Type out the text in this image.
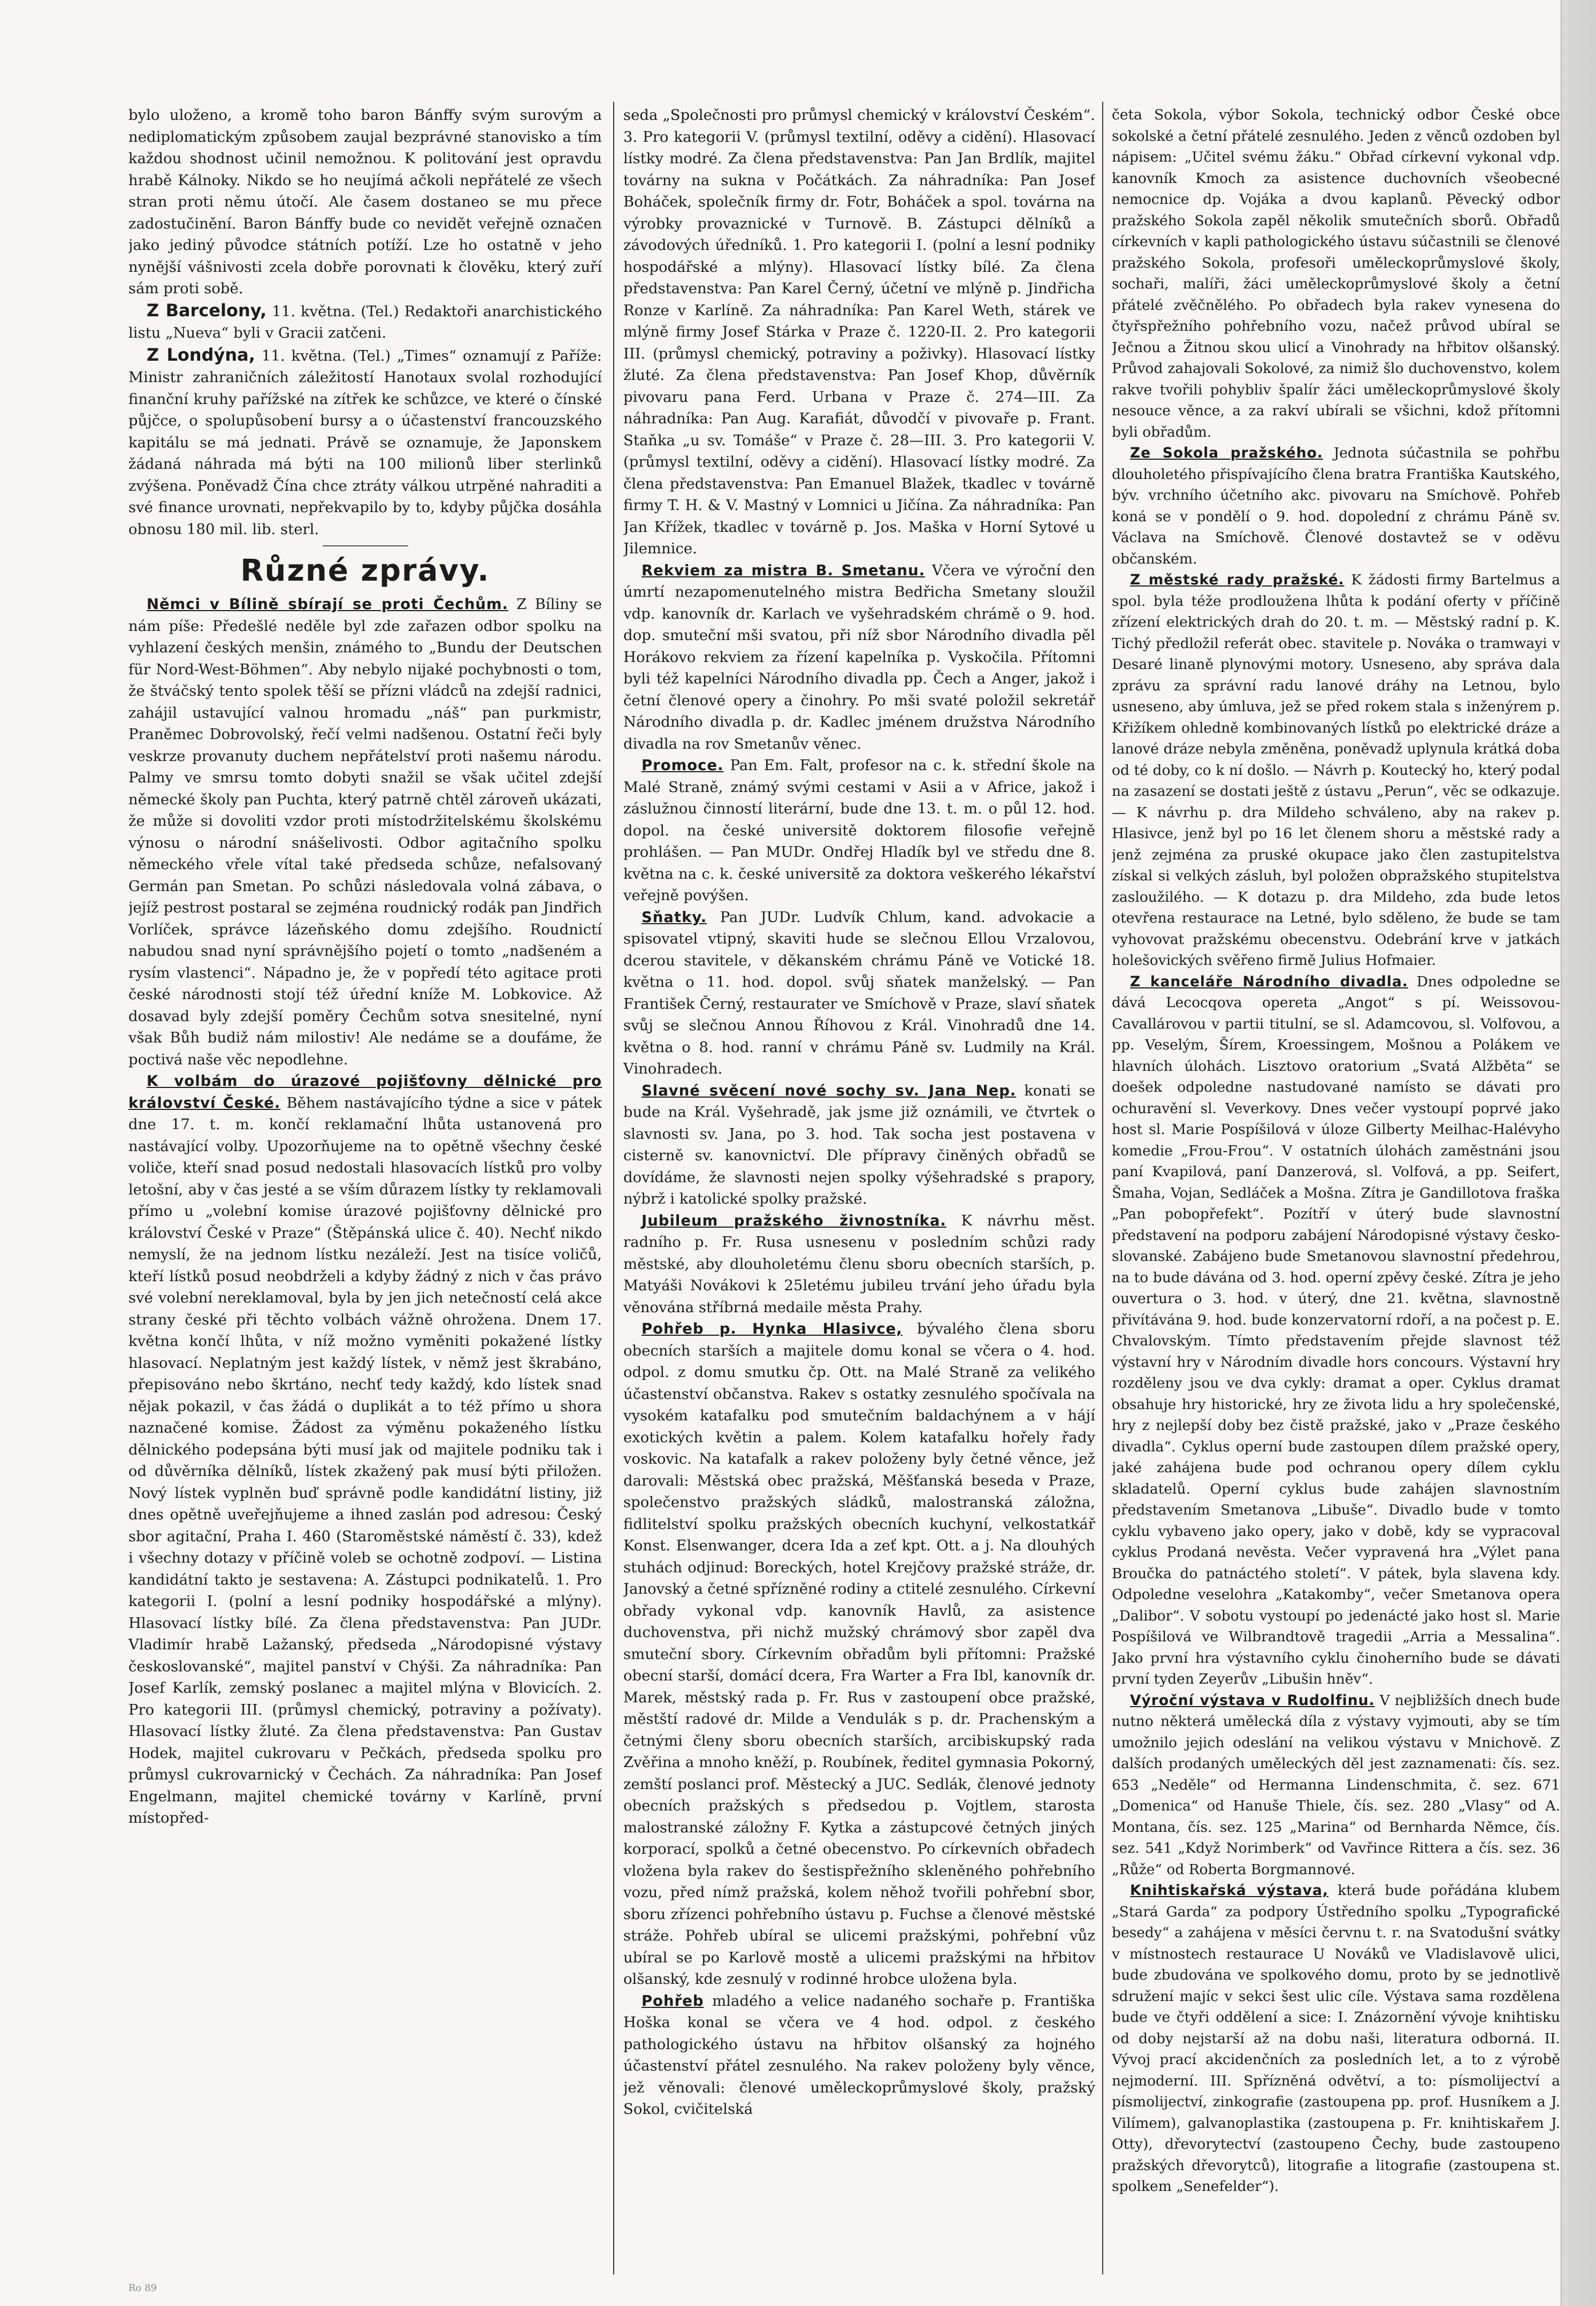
bylo uloženo, a kromě toho baron Bánffy svým surovým a nediplomatickým způsobem zaujal bezprávné stanovisko a tím každou shodnost učinil nemožnou. K politování jest opravdu hrabě Kálnoky. Nikdo se ho neujímá ačkoli nepřátelé ze všech stran proti němu útočí. Ale časem dostaneo se mu přece zadostučinění. Baron Bánffy bude co nevidět veřejně označen jako jediný původce státních potíží. Lze ho ostatně v jeho nynější vášnivosti zcela dobře porovnati k člověku, který zuří sám proti sobě.

Z Barcelony, 11. května. (Tel.) Redaktoři anarchistického listu „Nueva“ byli v Gracii zatčeni.

Z Londýna, 11. května. (Tel.) „Times“ oznamují z Paříže: Ministr zahraničních záležitostí Hanotaux svolal rozhodující finanční kruhy pařížské na zítřek ke schůzce, ve které o čínské půjčce, o spolupůsobení bursy a o účastenství francouzského kapitálu se má jednati. Právě se oznamuje, že Japonskem žádaná náhrada má býti na 100 milionů liber sterlinků zvýšena. Poněvadž Čína chce ztráty válkou utrpěné nahraditi a své finance urovnati, nepřekvapilo by to, kdyby půjčka dosáhla obnosu 180 mil. lib. sterl.

Různé zprávy.

Němci v Bílině sbírají se proti Čechům. Z Bíliny se nám píše: Předešlé neděle byl zde zařazen odbor spolku na vyhlazení českých menšin, známého to „Bundu der Deutschen für Nord-West-Böhmen“. Aby nebylo nijaké pochybnosti o tom, že štváčský tento spolek těší se přízni vládců na zdejší radnici, zahájil ustavující valnou hromadu „náš“ pan purkmistr, Praněmec Dobrovolský, řečí velmi nadšenou. Ostatní řeči byly veskrze provanuty duchem nepřátelství proti našemu národu. Palmy ve smrsu tomto dobyti snažil se však učitel zdejší německé školy pan Puchta, který patrně chtěl zároveň ukázati, že může si dovoliti vzdor proti místodržitelskému školskému výnosu o národní snášelivosti. Odbor agitačního spolku německého vřele vítal také předseda schůze, nefalsovaný Germán pan Smetan. Po schůzi následovala volná zábava, o jejíž pestrost postaral se zejména roudnický rodák pan Jindřich Vorlíček, správce lázeňského domu zdejšího. Roudnictí nabudou snad nyní správnějšího pojetí o tomto „nadšeném a rysím vlastenci“. Nápadno je, že v popředí této agitace proti české národnosti stojí též úřední kníže M. Lobkovice. Až dosavad byly zdejší poměry Čechům sotva snesitelné, nyní však Bůh budiž nám milostiv! Ale nedáme se a doufáme, že poctivá naše věc nepodlehne.

K volbám do úrazové pojišťovny dělnické pro království České. Během nastávajícího týdne a sice v pátek dne 17. t. m. končí reklamační lhůta ustanovená pro nastávající volby. Upozorňujeme na to opětně všechny české voliče, kteří snad posud nedostali hlasovacích lístků pro volby letošní, aby v čas jesté a se vším důrazem lístky ty reklamovali přímo u „volební komise úrazové pojišťovny dělnické pro království České v Praze“ (Štěpánská ulice č. 40). Nechť nikdo nemyslí, že na jednom lístku nezáleží. Jest na tisíce voličů, kteří lístků posud neobdrželi a kdyby žádný z nich v čas právo své volební nereklamoval, byla by jen jich netečností celá akce strany české při těchto volbách vážně ohrožena. Dnem 17. května končí lhůta, v níž možno vyměniti pokažené lístky hlasovací. Neplatným jest každý lístek, v němž jest škrabáno, přepisováno nebo škrtáno, nechť tedy každý, kdo lístek snad nějak pokazil, v čas žádá o duplikát a to též přímo u shora naznačené komise. Žádost za výměnu pokaženého lístku dělnického podepsána býti musí jak od majitele podniku tak i od důvěrníka dělníků, lístek zkažený pak musí býti přiložen. Nový lístek vyplněn buď správně podle kandidátní listiny, již dnes opětně uveřejňujeme a ihned zaslán pod adresou: Český sbor agitační, Praha I. 460 (Staroměstské náměstí č. 33), kdež i všechny dotazy v příčině voleb se ochotně zodpoví. — Listina kandidátní takto je sestavena: A. Zástupci podnikatelů. 1. Pro kategorii I. (polní a lesní podniky hospodářské a mlýny). Hlasovací lístky bílé. Za člena představenstva: Pan JUDr. Vladimír hrabě Lažanský, předseda „Národopisné výstavy českoslovanské“, majitel panství v Chýši. Za náhradníka: Pan Josef Karlík, zemský poslanec a majitel mlýna v Blovicích. 2. Pro kategorii III. (průmysl chemický, potraviny a požívaty). Hlasovací lístky žluté. Za člena představenstva: Pan Gustav Hodek, majitel cukrovaru v Pečkách, předseda spolku pro průmysl cukrovarnický v Čechách. Za náhradníka: Pan Josef Engelmann, majitel chemické továrny v Karlíně, první místopřed-

seda „Společnosti pro průmysl chemický v království Českém“. 3. Pro kategorii V. (průmysl textilní, oděvy a cidění). Hlasovací lístky modré. Za člena představenstva: Pan Jan Brdlík, majitel továrny na sukna v Počátkách. Za náhradníka: Pan Josef Boháček, společník firmy dr. Fotr, Boháček a spol. továrna na výrobky provaznické v Turnově. B. Zástupci dělníků a závodových úředníků. 1. Pro kategorii I. (polní a lesní podniky hospodářské a mlýny). Hlasovací lístky bílé. Za člena představenstva: Pan Karel Černý, účetní ve mlýně p. Jindřicha Ronze v Karlíně. Za náhradníka: Pan Karel Weth, stárek ve mlýně firmy Josef Stárka v Praze č. 1220-II. 2. Pro kategorii III. (průmysl chemický, potraviny a poživky). Hlasovací lístky žluté. Za člena představenstva: Pan Josef Khop, důvěrník pivovaru pana Ferd. Urbana v Praze č. 274—III. Za náhradníka: Pan Aug. Karafiát, důvodčí v pivovaře p. Frant. Staňka „u sv. Tomáše“ v Praze č. 28—III. 3. Pro kategorii V. (průmysl textilní, oděvy a cidění). Hlasovací lístky modré. Za člena představenstva: Pan Emanuel Blažek, tkadlec v továrně firmy T. H. & V. Mastný v Lomnici u Jičína. Za náhradníka: Pan Jan Křížek, tkadlec v továrně p. Jos. Maška v Horní Sytové u Jilemnice.

Rekviem za mistra B. Smetanu. Včera ve výroční den úmrtí nezapomenutelného mistra Bedřicha Smetany sloužil vdp. kanovník dr. Karlach ve vyšehradském chrámě o 9. hod. dop. smuteční mši svatou, při níž sbor Národního divadla pěl Horákovo rekviem za řízení kapelníka p. Vyskočila. Přítomni byli též kapelníci Národního divadla pp. Čech a Anger, jakož i četní členové opery a činohry. Po mši svaté položil sekretář Národního divadla p. dr. Kadlec jménem družstva Národního divadla na rov Smetanův věnec.

Promoce. Pan Em. Falt, profesor na c. k. střední škole na Malé Straně, známý svými cestami v Asii a v Africe, jakož i záslužnou činností literární, bude dne 13. t. m. o půl 12. hod. dopol. na české universitě doktorem filosofie veřejně prohlášen. — Pan MUDr. Ondřej Hladík byl ve středu dne 8. května na c. k. české universitě za doktora veškerého lékařství veřejně povýšen.

Sňatky. Pan JUDr. Ludvík Chlum, kand. advokacie a spisovatel vtipný, skaviti hude se slečnou Ellou Vrzalovou, dcerou stavitele, v děkanském chrámu Páně ve Votické 18. května o 11. hod. dopol. svůj sňatek manželský. — Pan František Černý, restaurater ve Smíchově v Praze, slaví sňatek svůj se slečnou Annou Říhovou z Král. Vinohradů dne 14. května o 8. hod. ranní v chrámu Páně sv. Ludmily na Král. Vinohradech.

Slavné svěcení nové sochy sv. Jana Nep. konati se bude na Král. Vyšehradě, jak jsme již oznámili, ve čtvrtek o slavnosti sv. Jana, po 3. hod. Tak socha jest postavena v cisterně sv. kanovnictví. Dle přípravy činěných obřadů se dovídáme, že slavnosti nejen spolky výšehradské s prapory, nýbrž i katolické spolky pražské.

Jubileum pražského živnostníka. K návrhu měst. radního p. Fr. Rusa usnesenu v posledním schůzi rady městské, aby dlouholetému členu sboru obecních starších, p. Matyáši Novákovi k 25letému jubileu trvání jeho úřadu byla věnována stříbrná medaile města Prahy.

Pohřeb p. Hynka Hlasivce, bývalého člena sboru obecních starších a majitele domu konal se včera o 4. hod. odpol. z domu smutku čp. Ott. na Malé Straně za velikého účastenství občanstva. Rakev s ostatky zesnulého spočívala na vysokém katafalku pod smutečním baldachýnem a v hájí exotických květin a palem. Kolem katafalku hořely řady voskovic. Na katafalk a rakev položeny byly četné věnce, jež darovali: Městská obec pražská, Měšťanská beseda v Praze, společenstvo pražských sládků, malostranská záložna, fidlitelství spolku pražských obecních kuchyní, velkostatkář Konst. Elsenwanger, dcera Ida a zeť kpt. Ott. a j. Na dlouhých stuhách odjinud: Boreckých, hotel Krejčovy pražské stráže, dr. Janovský a četné spřízněné rodiny a ctitelé zesnulého. Církevní obřady vykonal vdp. kanovník Havlů, za asistence duchovenstva, při nichž mužský chrámový sbor zapěl dva smuteční sbory. Církevním obřadům byli přítomni: Pražské obecní starší, domácí dcera, Fra Warter a Fra Ibl, kanovník dr. Marek, městský rada p. Fr. Rus v zastoupení obce pražské, městští radové dr. Milde a Vendulák s p. dr. Prachenským a četnými členy sboru obecních starších, arcibiskupský rada Zvěřina a mnoho kněží, p. Roubínek, ředitel gymnasia Pokorný, zemští poslanci prof. Městecký a JUC. Sedlák, členové jednoty obecních pražských s předsedou p. Vojtlem, starosta malostranské záložny F. Kytka a zástupcové četných jiných korporací, spolků a četné obecenstvo. Po církevních obřadech vložena byla rakev do šestispřežního skleněného pohřebního vozu, před nímž pražská, kolem něhož tvořili pohřební sbor, sboru zřízenci pohřebního ústavu p. Fuchse a členové městské stráže. Pohřeb ubíral se ulicemi pražskými, pohřební vůz ubíral se po Karlově mostě a ulicemi pražskými na hřbitov olšanský, kde zesnulý v rodinné hrobce uložena byla.

Pohřeb mladého a velice nadaného sochaře p. Františka Hoška konal se včera ve 4 hod. odpol. z českého pathologického ústavu na hřbitov olšanský za hojného účastenství přátel zesnulého. Na rakev položeny byly věnce, jež věnovali: členové uměleckoprůmyslové školy, pražský Sokol, cvičitelská

četa Sokola, výbor Sokola, technický odbor České obce sokolské a četní přátelé zesnulého. Jeden z věnců ozdoben byl nápisem: „Učitel svému žáku.“ Obřad církevní vykonal vdp. kanovník Kmoch za asistence duchovních všeobecné nemocnice dp. Vojáka a dvou kaplanů. Pěvecký odbor pražského Sokola zapěl několik smutečních sborů. Obřadů církevních v kapli pathologického ústavu súčastnili se členové pražského Sokola, profesoři uměleckoprůmyslové školy, sochaři, malíři, žáci uměleckoprůmyslové školy a četní přátelé zvěčnělého. Po obřadech byla rakev vynesena do čtyřspřežního pohřebního vozu, načež průvod ubíral se Ječnou a Žitnou skou ulicí a Vinohrady na hřbitov olšanský. Průvod zahajovali Sokolové, za nimiž šlo duchovenstvo, kolem rakve tvořili pohybliv špalír žáci uměleckoprůmyslové školy nesouce věnce, a za rakví ubírali se všichni, kdož přítomni byli obřadům.

Ze Sokola pražského. Jednota súčastnila se pohřbu dlouholetého přispívajícího člena bratra Františka Kautského, býv. vrchního účetního akc. pivovaru na Smíchově. Pohřeb koná se v pondělí o 9. hod. dopolední z chrámu Páně sv. Václava na Smíchově. Členové dostavtež se v oděvu občanském.

Z městské rady pražské. K žádosti firmy Bartelmus a spol. byla téže prodloužena lhůta k podání oferty v příčině zřízení elektrických drah do 20. t. m. — Městský radní p. K. Tichý předložil referát obec. stavitele p. Nováka o tramwayi v Desaré linaně plynovými motory. Usneseno, aby správa dala zprávu za správní radu lanové dráhy na Letnou, bylo usneseno, aby úmluva, jež se před rokem stala s inženýrem p. Křižíkem ohledně kombinovaných lístků po elektrické dráze a lanové dráze nebyla změněna, poněvadž uplynula krátká doba od té doby, co k ní došlo. — Návrh p. Koutecký ho, který podal na zasazení se dostati ještě z ústavu „Perun“, věc se odkazuje. — K návrhu p. dra Mildeho schváleno, aby na rakev p. Hlasivce, jenž byl po 16 let členem shoru a městské rady a jenž zejména za pruské okupace jako člen zastupitelstva získal si velkých zásluh, byl položen obpražského stupitelstva zasloužilého. — K dotazu p. dra Mildeho, zda bude letos otevřena restaurace na Letné, bylo sděleno, že bude se tam vyhovovat pražskému obecenstvu. Odebrání krve v jatkách holešovických svěřeno firmě Julius Hofmaier.

Z kanceláře Národního divadla. Dnes odpoledne se dává Lecocqova opereta „Angot“ s pí. Weissovou-Cavallárovou v partii titulní, se sl. Adamcovou, sl. Volfovou, a pp. Veselým, Šírem, Kroessingem, Mošnou a Polákem ve hlavních úlohách. Lisztovo oratorium „Svatá Alžběta“ se doešek odpoledne nastudované namísto se dávati pro ochuravění sl. Veverkovy. Dnes večer vystoupí poprvé jako host sl. Marie Pospíšilová v úloze Gilberty Meilhac-Halévyho komedie „Frou-Frou“. V ostatních úlohách zaměstnáni jsou paní Kvapilová, paní Danzerová, sl. Volfová, a pp. Seifert, Šmaha, Vojan, Sedláček a Mošna. Zítra je Gandillotova fraška „Pan pobopřefekt“. Pozítří v úterý bude slavnostní představení na podporu zabájení Národopisné výstavy česko-slovanské. Zabájeno bude Smetanovou slavnostní předehrou, na to bude dávána od 3. hod. operní zpěvy české. Zítra je jeho ouvertura o 3. hod. v úterý, dne 21. května, slavnostně přivítávána 9. hod. bude konzervatorní rdoří, a na počest p. E. Chvalovským. Tímto představením přejde slavnost též výstavní hry v Národním divadle hors concours. Výstavní hry rozděleny jsou ve dva cykly: dramat a oper. Cyklus dramat obsahuje hry historické, hry ze života lidu a hry společenské, hry z nejlepší doby bez čistě pražské, jako v „Praze českého divadla“. Cyklus operní bude zastoupen dílem pražské opery, jaké zahájena bude pod ochranou opery dílem cyklu skladatelů. Operní cyklus bude zahájen slavnostním představením Smetanova „Libuše“. Divadlo bude v tomto cyklu vybaveno jako opery, jako v době, kdy se vypracoval cyklus Prodaná nevěsta. Večer vypravená hra „Výlet pana Broučka do patnáctého století“. V pátek, byla slavena kdy. Odpoledne veselohra „Katakomby“, večer Smetanova opera „Dalibor“. V sobotu vystoupí po jedenácté jako host sl. Marie Pospíšilová ve Wilbrandtově tragedii „Arria a Messalina“. Jako první hra výstavního cyklu činoherního bude se dávati první tyden Zeyerův „Libušin hněv“.

Výroční výstava v Rudolfinu. V nejbližších dnech bude nutno některá umělecká díla z výstavy vyjmouti, aby se tím umožnilo jejich odeslání na velikou výstavu v Mnichově. Z dalších prodaných uměleckých děl jest zaznamenati: čís. sez. 653 „Neděle“ od Hermanna Lindenschmita, č. sez. 671 „Domenica“ od Hanuše Thiele, čís. sez. 280 „Vlasy“ od A. Montana, čís. sez. 125 „Marina“ od Bernharda Němce, čís. sez. 541 „Když Norimberk“ od Vavřince Rittera a čís. sez. 36 „Růže“ od Roberta Borgmannové.

Knihtiskařská výstava, která bude pořádána klubem „Stará Garda“ za podpory Ústředního spolku „Typografické besedy“ a zahájena v měsíci červnu t. r. na Svatodušní svátky v místnostech restaurace U Nováků ve Vladislavově ulici, bude zbudována ve spolkového domu, proto by se jednotlivě sdružení majíc v sekci šest ulic cíle. Výstava sama rozdělena bude ve čtyři oddělení a sice: I. Znázornění vývoje knihtisku od doby nejstarší až na dobu naši, literatura odborná. II. Vývoj prací akcidenčních za posledních let, a to z výrobě nejmoderní. III. Spřízněná odvětví, a to: písmolijectví a písmolijectví, zinkografie (zastoupena pp. prof. Husníkem a J. Vilímem), galvanoplastika (zastoupena p. Fr. knihtiskařem J. Otty), dřevorytectví (zastoupeno Čechy, bude zastoupeno pražských dřevorytců), litografie a litografie (zastoupena st. spolkem „Senefelder“).

Ro 89
